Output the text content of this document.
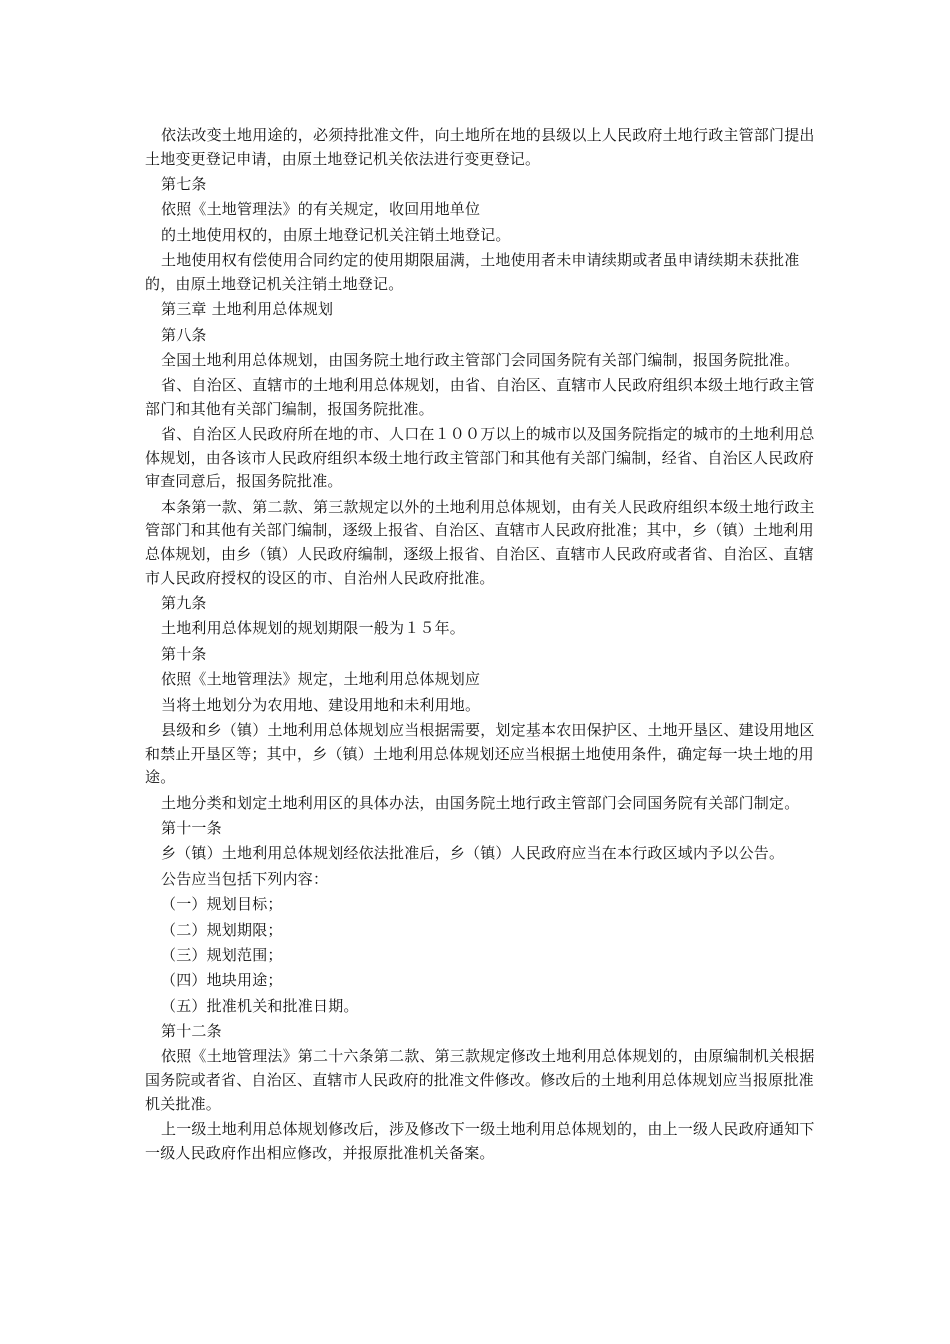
依法改变土地用途的，必须持批准文件，向土地所在地的县级以上人民政府土地行政主管部门提出土地变更登记申请，由原土地登记机关依法进行变更登记。

第七条

依照《土地管理法》的有关规定，收回用地单位

的土地使用权的，由原土地登记机关注销土地登记。

土地使用权有偿使用合同约定的使用期限届满，土地使用者未申请续期或者虽申请续期未获批准的，由原土地登记机关注销土地登记。

第三章 土地利用总体规划

第八条

全国土地利用总体规划，由国务院土地行政主管部门会同国务院有关部门编制，报国务院批准。

省、自治区、直辖市的土地利用总体规划，由省、自治区、直辖市人民政府组织本级土地行政主管部门和其他有关部门编制，报国务院批准。

省、自治区人民政府所在地的市、人口在１００万以上的城市以及国务院指定的城市的土地利用总体规划，由各该市人民政府组织本级土地行政主管部门和其他有关部门编制，经省、自治区人民政府审查同意后，报国务院批准。

本条第一款、第二款、第三款规定以外的土地利用总体规划，由有关人民政府组织本级土地行政主管部门和其他有关部门编制，逐级上报省、自治区、直辖市人民政府批准；其中，乡（镇）土地利用总体规划，由乡（镇）人民政府编制，逐级上报省、自治区、直辖市人民政府或者省、自治区、直辖市人民政府授权的设区的市、自治州人民政府批准。

第九条

土地利用总体规划的规划期限一般为１５年。

第十条

依照《土地管理法》规定，土地利用总体规划应

当将土地划分为农用地、建设用地和未利用地。

县级和乡（镇）土地利用总体规划应当根据需要，划定基本农田保护区、土地开垦区、建设用地区和禁止开垦区等；其中，乡（镇）土地利用总体规划还应当根据土地使用条件，确定每一块土地的用途。

土地分类和划定土地利用区的具体办法，由国务院土地行政主管部门会同国务院有关部门制定。

第十一条

乡（镇）土地利用总体规划经依法批准后，乡（镇）人民政府应当在本行政区域内予以公告。

公告应当包括下列内容：

（一）规划目标；

（二）规划期限；

（三）规划范围；

（四）地块用途；

（五）批准机关和批准日期。

第十二条

依照《土地管理法》第二十六条第二款、第三款规定修改土地利用总体规划的，由原编制机关根据国务院或者省、自治区、直辖市人民政府的批准文件修改。修改后的土地利用总体规划应当报原批准机关批准。

上一级土地利用总体规划修改后，涉及修改下一级土地利用总体规划的，由上一级人民政府通知下一级人民政府作出相应修改，并报原批准机关备案。
